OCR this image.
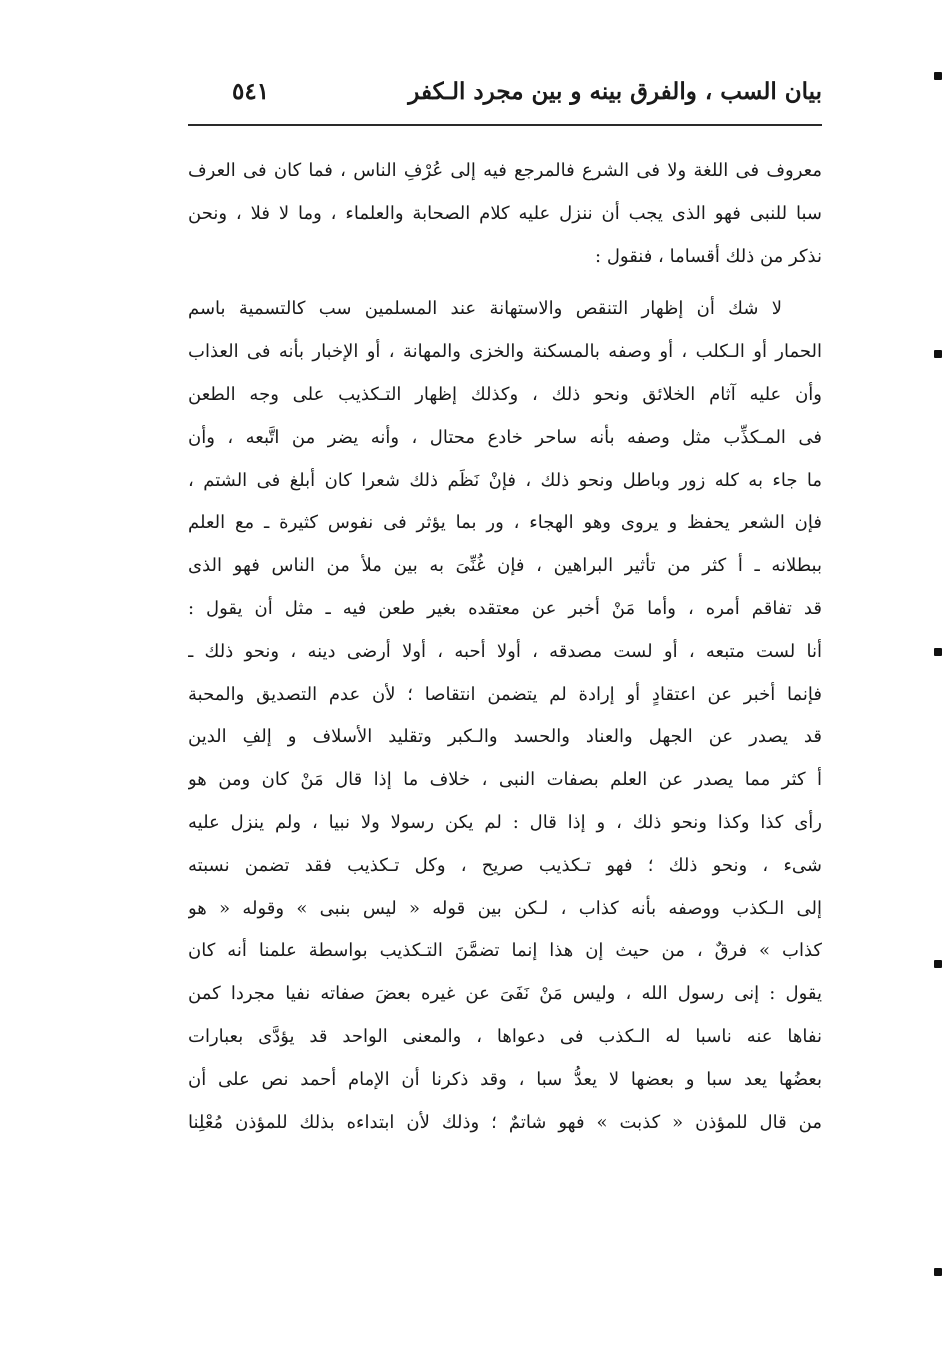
بيان السب ، والفرق بينه و بين مجرد الـكفر
٥٤١
معروف فى اللغة ولا فى الشرع فالمرجع فيه إلى عُرْفِ الناس ، فما كان فى العرف
سبا للنبى فهو الذى يجب أن ننزل عليه كلام الصحابة والعلماء ، وما لا فلا ، ونحن
نذكر من ذلك أقساما ، فنقول :
لا شك أن إظهار التنقص والاستهانة عند المسلمين سب كالتسمية باسم
الحمار أو الـكلب ، أو وصفه بالمسكنة والخزى والمهانة ، أو الإخبار بأنه فى العذاب
وأن عليه آثام الخلائق ونحو ذلك ، وكذلك إظهار التـكذيب على وجه الطعن
فى المـكذِّب مثل وصفه بأنه ساحر خادع محتال ، وأنه يضر من اتَّبعه ، وأن
ما جاء به كله زور وباطل ونحو ذلك ، فإنْ نَظَم ذلك شعرا كان أبلغ فى الشتم ،
فإن الشعر يحفظ و يروى وهو الهجاء ، ور بما يؤثر فى نفوس كثيرة ـ مع العلم
ببطلانه ـ أ كثر من تأثير البراهين ، فإن غُنِّىَ به بين ملأ من الناس فهو الذى
قد تفاقم أمره ، وأما مَنْ أخبر عن معتقده بغير طعن فيه ـ مثل أن يقول :
أنا لست متبعه ، أو لست مصدقه ، أولا أحبه ، أولا أرضى دينه ، ونحو ذلك ـ
فإنما أخبر عن اعتقادٍ أو إرادة لم يتضمن انتقاصا ؛ لأن عدم التصديق والمحبة
قد يصدر عن الجهل والعناد والحسد والـكبر وتقليد الأسلاف و إلفِ الدين
أ كثر مما يصدر عن العلم بصفات النبى ، خلاف ما إذا قال مَنْ كان ومن هو
رأى كذا وكذا ونحو ذلك ، و إذا قال : لم يكن رسولا ولا نبيا ، ولم ينزل عليه
شىء ، ونحو ذلك ؛ فهو تـكذيب صريح ، وكل تـكذيب فقد تضمن نسبته
إلى الـكذب ووصفه بأنه كذاب ، لـكن بين قوله « ليس بنبى » وقوله « هو
كذاب » فرقٌ ، من حيث إن هذا إنما تضمَّنَ التـكذيب بواسطة علمنا أنه كان
يقول : إنى رسول الله ، وليس مَنْ نَفَىَ عن غيره بعضَ صفاته نفيا مجردا كمن
نفاها عنه ناسبا له الـكذب فى دعواها ، والمعنى الواحد قد يؤدَّى بعبارات
بعضُها يعد سبا و بعضها لا يعدُّ سبا ، وقد ذكرنا أن الإمام أحمد نص على أن
من قال للمؤذن « كذبت » فهو شاتمٌ ؛ وذلك لأن ابتداءه بذلك للمؤذن مُعْلِنا
